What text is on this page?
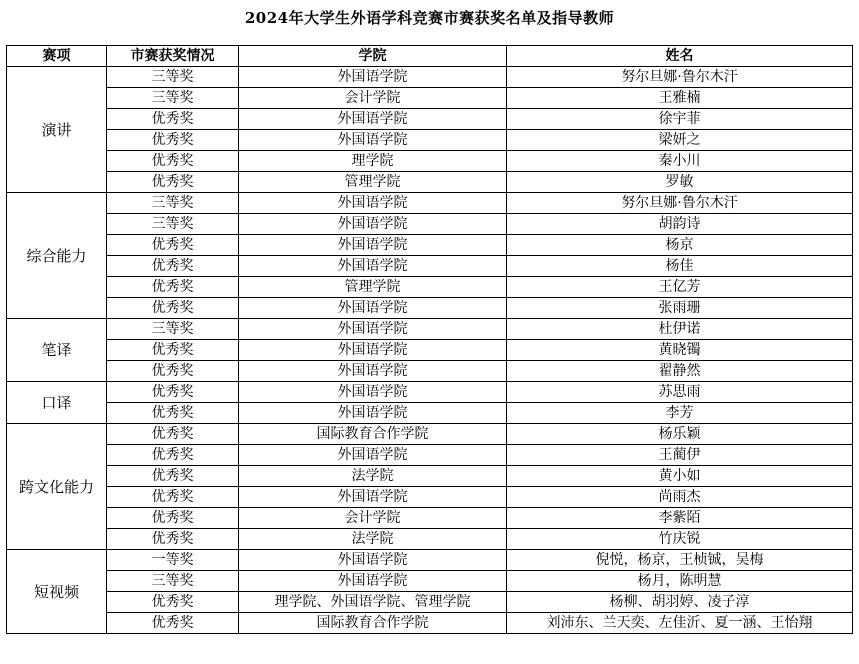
2024年大学生外语学科竞赛市赛获奖名单及指导教师
赛项	市赛获奖情况	学院	姓名
演讲	三等奖	外国语学院	努尔旦娜·鲁尔木汗
	三等奖	会计学院	王雅楠
	优秀奖	外国语学院	徐宇菲
	优秀奖	外国语学院	梁妍之
	优秀奖	理学院	秦小川
	优秀奖	管理学院	罗敏
综合能力	三等奖	外国语学院	努尔旦娜·鲁尔木汗
	三等奖	外国语学院	胡韵诗
	优秀奖	外国语学院	杨京
	优秀奖	外国语学院	杨佳
	优秀奖	管理学院	王亿芳
	优秀奖	外国语学院	张雨珊
笔译	三等奖	外国语学院	杜伊诺
	优秀奖	外国语学院	黄晓镯
	优秀奖	外国语学院	翟静然
口译	优秀奖	外国语学院	苏思雨
	优秀奖	外国语学院	李芳
跨文化能力	优秀奖	国际教育合作学院	杨乐颖
	优秀奖	外国语学院	王蔺伊
	优秀奖	法学院	黄小如
	优秀奖	外国语学院	尚雨杰
	优秀奖	会计学院	李紫陌
	优秀奖	法学院	竹庆锐
短视频	一等奖	外国语学院	倪悦，杨京，王桢铖，吴梅
	三等奖	外国语学院	杨月，陈明慧
	优秀奖	理学院、外国语学院、管理学院	杨柳、胡羽婷、凌子淳
	优秀奖	国际教育合作学院	刘沛东、兰天奕、左佳沂、夏一涵、王怡翔
